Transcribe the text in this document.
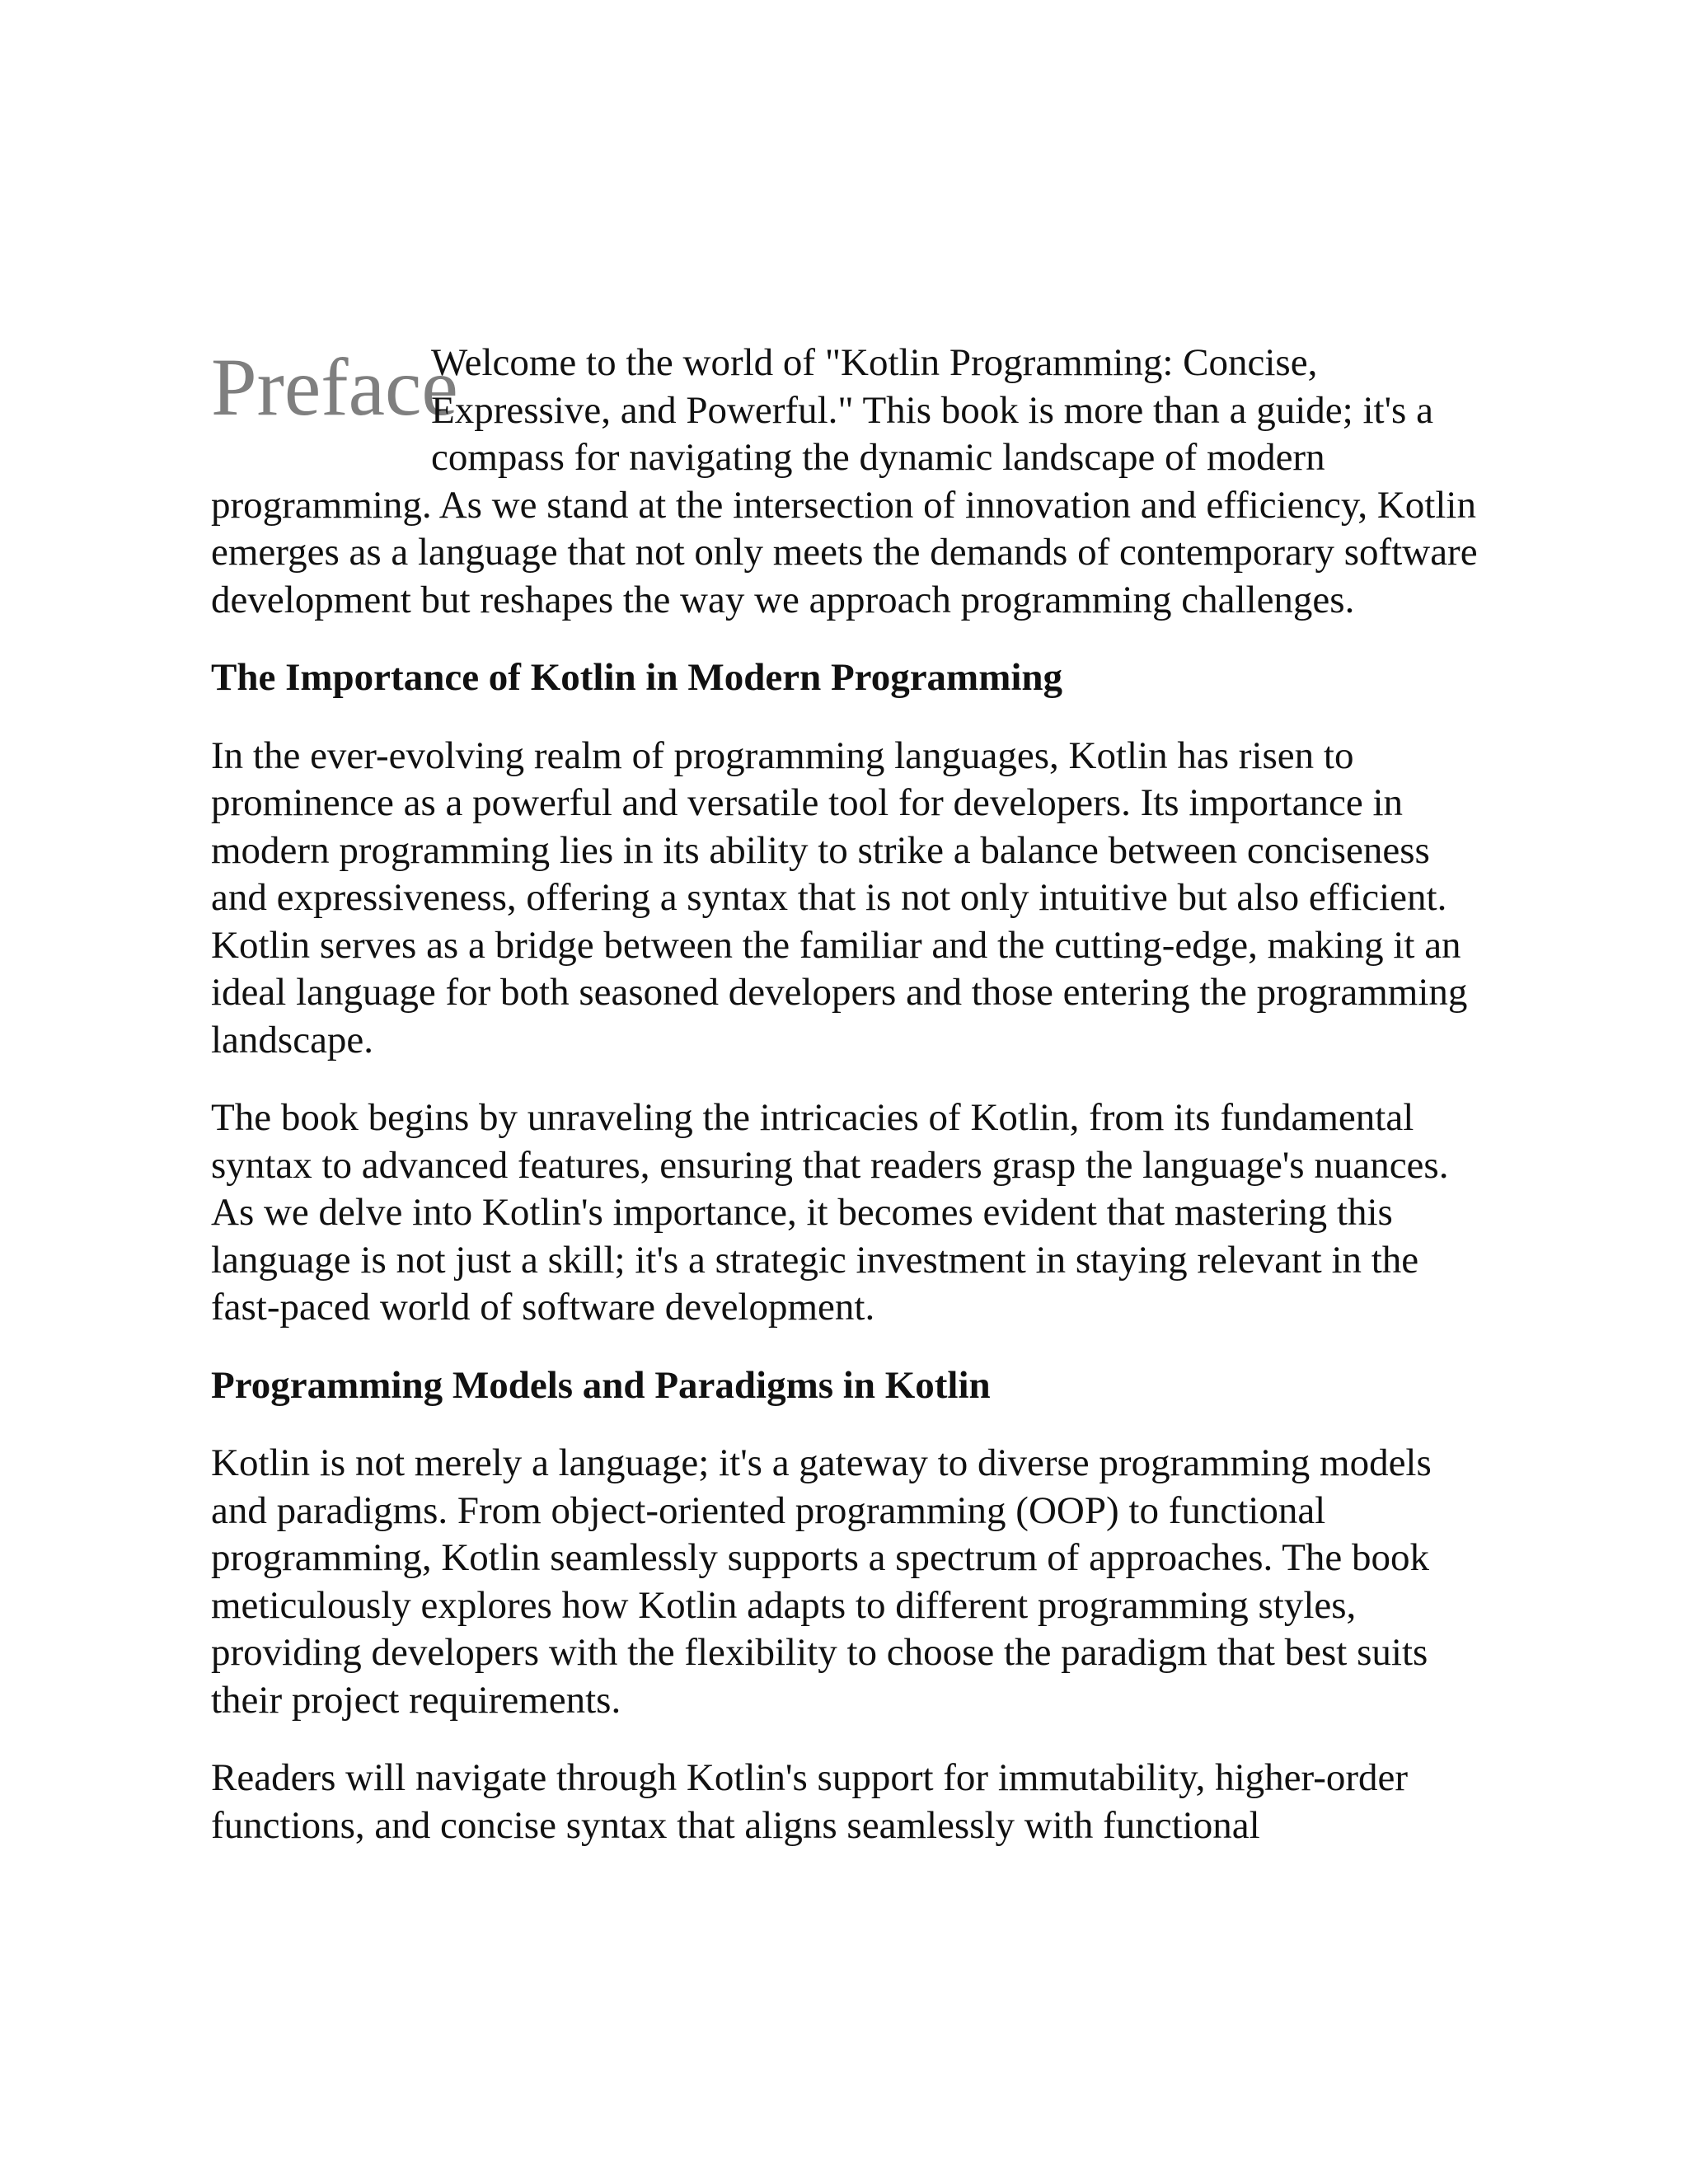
Preface
Welcome to the world of "Kotlin Programming: Concise, Expressive, and Powerful." This book is more than a guide; it's a compass for navigating the dynamic landscape of modern programming. As we stand at the intersection of innovation and efficiency, Kotlin emerges as a language that not only meets the demands of contemporary software development but reshapes the way we approach programming challenges.

The Importance of Kotlin in Modern Programming

In the ever-evolving realm of programming languages, Kotlin has risen to prominence as a powerful and versatile tool for developers. Its importance in modern programming lies in its ability to strike a balance between conciseness and expressiveness, offering a syntax that is not only intuitive but also efficient. Kotlin serves as a bridge between the familiar and the cutting-edge, making it an ideal language for both seasoned developers and those entering the programming landscape.

The book begins by unraveling the intricacies of Kotlin, from its fundamental syntax to advanced features, ensuring that readers grasp the language's nuances. As we delve into Kotlin's importance, it becomes evident that mastering this language is not just a skill; it's a strategic investment in staying relevant in the fast-paced world of software development.

Programming Models and Paradigms in Kotlin

Kotlin is not merely a language; it's a gateway to diverse programming models and paradigms. From object-oriented programming (OOP) to functional programming, Kotlin seamlessly supports a spectrum of approaches. The book meticulously explores how Kotlin adapts to different programming styles, providing developers with the flexibility to choose the paradigm that best suits their project requirements.

Readers will navigate through Kotlin's support for immutability, higher-order functions, and concise syntax that aligns seamlessly with functional
